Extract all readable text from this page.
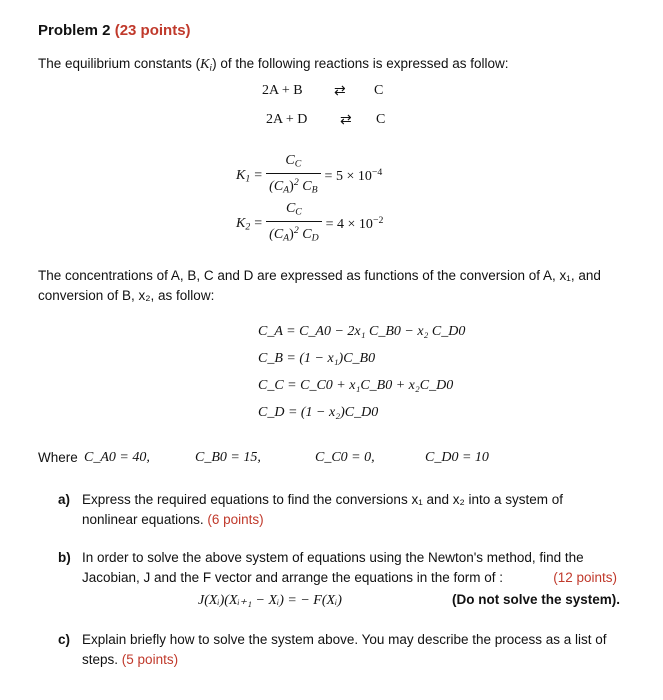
Problem 2 (23 points)
The equilibrium constants $(K_i)$ of the following reactions is expressed as follow:
2A + B ⇄ C
2A + D ⇄ C
$K_1 = \frac{C_C}{(C_A)^2 C_B} = 5 \times 10^{-4}$
$K_2 = \frac{C_C}{(C_A)^2 C_D} = 4 \times 10^{-2}$
The concentrations of A, B, C and D are expressed as functions of the conversion of A, x₁, and
conversion of B, x₂, as follow:
C_A = C_A0 − 2x₁ C_B0 − x₂ C_D0
C_B = (1 − x₁)C_B0
C_C = C_C0 + x₁C_B0 + x₂C_D0
C_D = (1 − x₂)C_D0
Where C_A0 = 40,	C_B0 = 15,	C_C0 = 0,	C_D0 = 10
a) Express the required equations to find the conversions x₁ and x₂ into a system of
nonlinear equations. (6 points)
b) In order to solve the above system of equations using the Newton's method, find the
Jacobian, J and the F vector and arrange the equations in the form of :	(12 points)
J(Xᵢ)(Xᵢ₊₁ − Xᵢ) = − F(Xᵢ)	(Do not solve the system).
c) Explain briefly how to solve the system above. You may describe the process as a list of
steps. (5 points)
